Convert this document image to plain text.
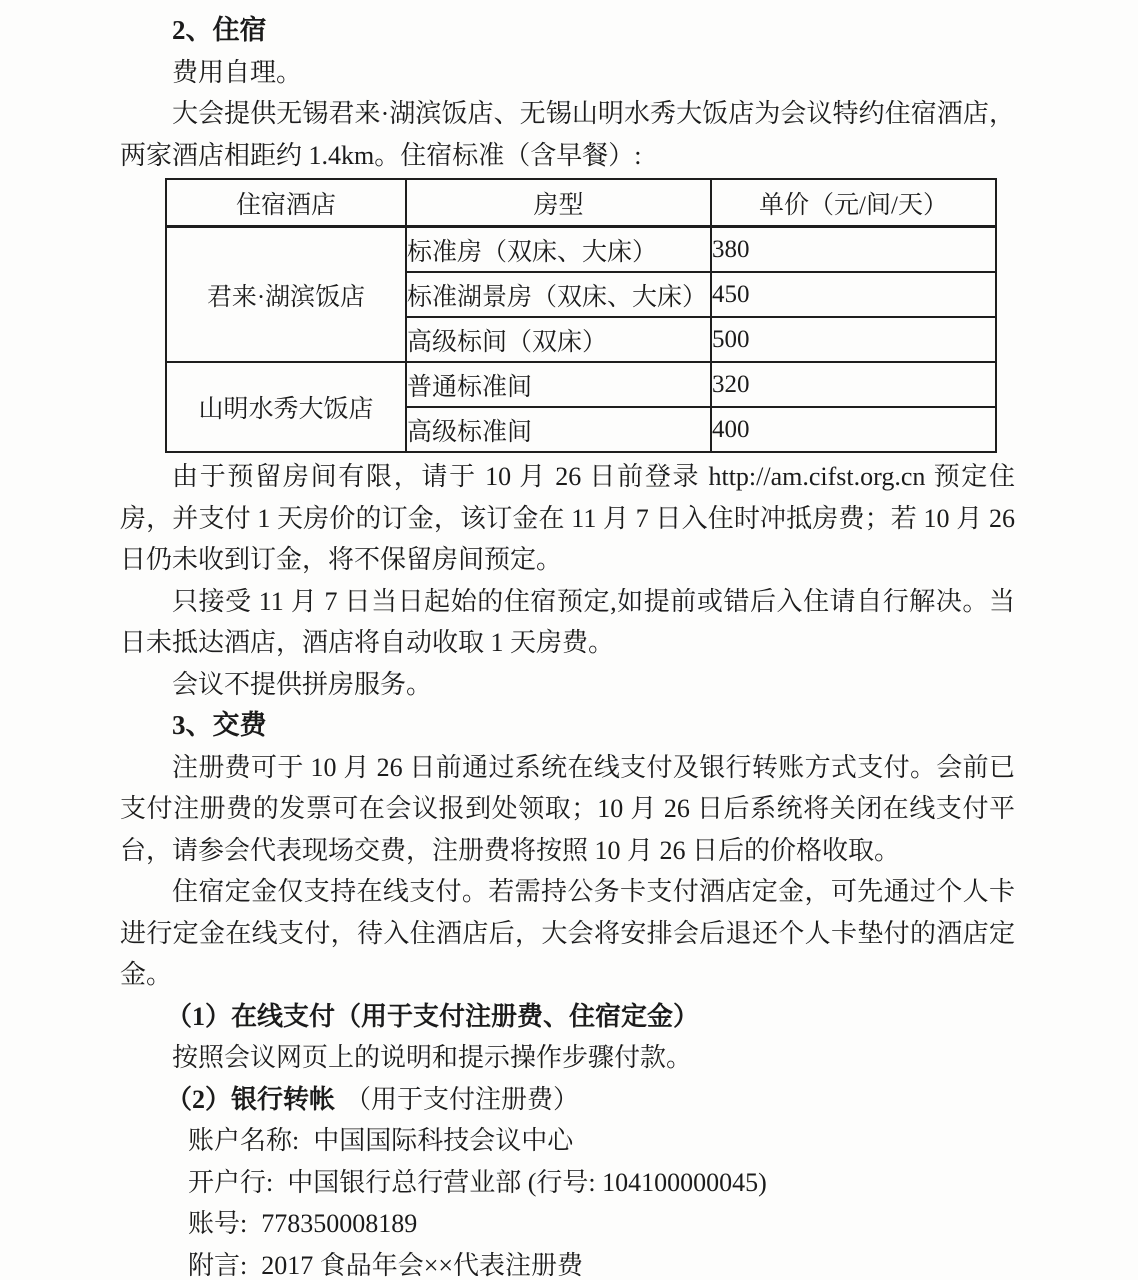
2、住宿

费用自理。

大会提供无锡君来·湖滨饭店、无锡山明水秀大饭店为会议特约住宿酒店，两家酒店相距约 1.4km。住宿标准（含早餐）:

住宿酒店	房型	单价（元/间/天）
君来·湖滨饭店	标准房（双床、大床）	380
	标准湖景房（双床、大床）	450
	高级标间（双床）	500
山明水秀大饭店	普通标准间	320
	高级标准间	400

由于预留房间有限，请于 10 月 26 日前登录 http://am.cifst.org.cn 预定住房，并支付 1 天房价的订金，该订金在 11 月 7 日入住时冲抵房费；若 10 月 26 日仍未收到订金，将不保留房间预定。

只接受 11 月 7 日当日起始的住宿预定,如提前或错后入住请自行解决。当日未抵达酒店，酒店将自动收取 1 天房费。

会议不提供拼房服务。

3、交费

注册费可于 10 月 26 日前通过系统在线支付及银行转账方式支付。会前已支付注册费的发票可在会议报到处领取；10 月 26 日后系统将关闭在线支付平台，请参会代表现场交费，注册费将按照 10 月 26 日后的价格收取。

住宿定金仅支持在线支付。若需持公务卡支付酒店定金，可先通过个人卡进行定金在线支付，待入住酒店后，大会将安排会后退还个人卡垫付的酒店定金。

（1）在线支付（用于支付注册费、住宿定金）

按照会议网页上的说明和提示操作步骤付款。

（2）银行转帐 （用于支付注册费）

账户名称: 中国国际科技会议中心

开户行: 中国银行总行营业部 (行号: 104100000045)

账号: 778350008189

附言: 2017 食品年会××代表注册费
